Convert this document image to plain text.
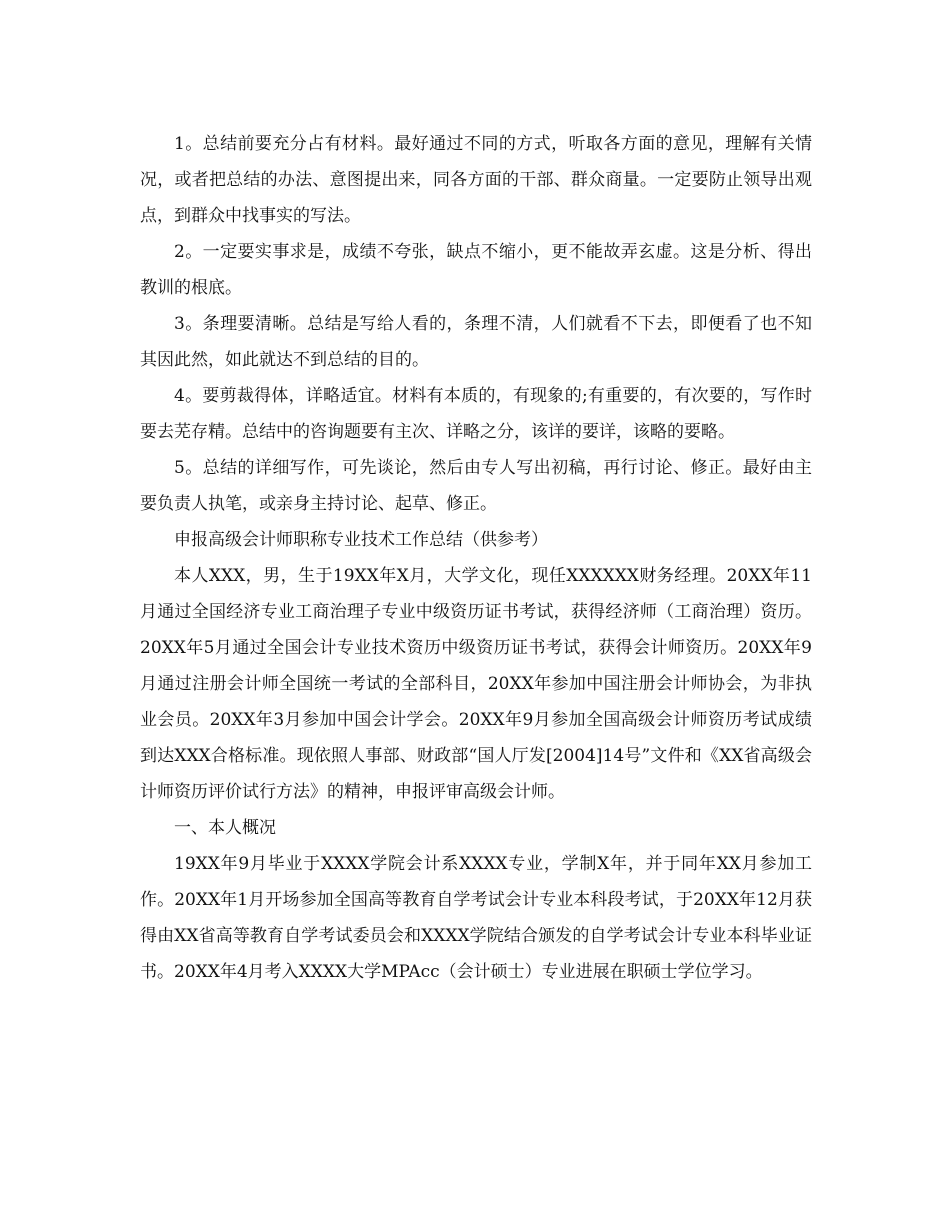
1。总结前要充分占有材料。最好通过不同的方式，听取各方面的意见，理解有关情况，或者把总结的办法、意图提出来，同各方面的干部、群众商量。一定要防止领导出观点，到群众中找事实的写法。

2。一定要实事求是，成绩不夸张，缺点不缩小，更不能故弄玄虚。这是分析、得出教训的根底。

3。条理要清晰。总结是写给人看的，条理不清，人们就看不下去，即便看了也不知其因此然，如此就达不到总结的目的。

4。要剪裁得体，详略适宜。材料有本质的，有现象的;有重要的，有次要的，写作时要去芜存精。总结中的咨询题要有主次、详略之分，该详的要详，该略的要略。

5。总结的详细写作，可先谈论，然后由专人写出初稿，再行讨论、修正。最好由主要负责人执笔，或亲身主持讨论、起草、修正。

申报高级会计师职称专业技术工作总结（供参考）

本人XXX，男，生于19XX年X月，大学文化，现任XXXXXX财务经理。20XX年11月通过全国经济专业工商治理子专业中级资历证书考试，获得经济师（工商治理）资历。20XX年5月通过全国会计专业技术资历中级资历证书考试，获得会计师资历。20XX年9月通过注册会计师全国统一考试的全部科目，20XX年参加中国注册会计师协会，为非执业会员。20XX年3月参加中国会计学会。20XX年9月参加全国高级会计师资历考试成绩到达XXX合格标准。现依照人事部、财政部“国人厅发[2004]14号”文件和《XX省高级会计师资历评价试行方法》的精神，申报评审高级会计师。

一、本人概况

19XX年9月毕业于XXXX学院会计系XXXX专业，学制X年，并于同年XX月参加工作。20XX年1月开场参加全国高等教育自学考试会计专业本科段考试，于20XX年12月获得由XX省高等教育自学考试委员会和XXXX学院结合颁发的自学考试会计专业本科毕业证书。20XX年4月考入XXXX大学MPAcc（会计硕士）专业进展在职硕士学位学习。
